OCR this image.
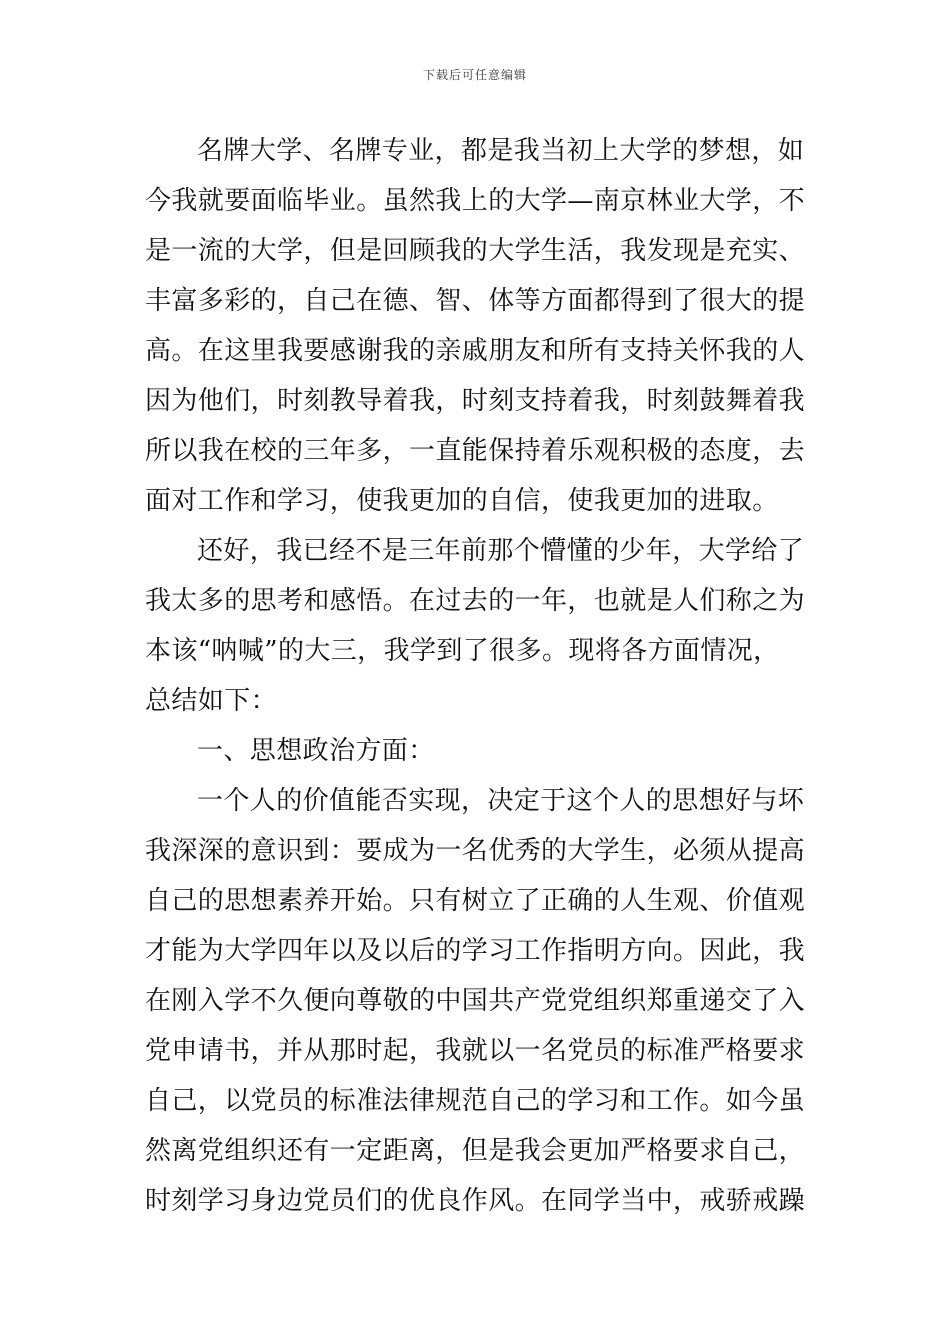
下载后可任意编辑
名牌大学、名牌专业，都是我当初上大学的梦想，如
今我就要面临毕业。虽然我上的大学—南京林业大学，不
是一流的大学，但是回顾我的大学生活，我发现是充实、
丰富多彩的，自己在德、智、体等方面都得到了很大的提
高。在这里我要感谢我的亲戚朋友和所有支持关怀我的人
因为他们，时刻教导着我，时刻支持着我，时刻鼓舞着我
所以我在校的三年多，一直能保持着乐观积极的态度，去
面对工作和学习，使我更加的自信，使我更加的进取。
还好，我已经不是三年前那个懵懂的少年，大学给了
我太多的思考和感悟。在过去的一年，也就是人们称之为
本该“呐喊”的大三，我学到了很多。现将各方面情况，
总结如下：
一、思想政治方面：
一个人的价值能否实现，决定于这个人的思想好与坏
我深深的意识到：要成为一名优秀的大学生，必须从提高
自己的思想素养开始。只有树立了正确的人生观、价值观
才能为大学四年以及以后的学习工作指明方向。因此，我
在刚入学不久便向尊敬的中国共产党党组织郑重递交了入
党申请书，并从那时起，我就以一名党员的标准严格要求
自己，以党员的标准法律规范自己的学习和工作。如今虽
然离党组织还有一定距离，但是我会更加严格要求自己，
时刻学习身边党员们的优良作风。在同学当中，戒骄戒躁
